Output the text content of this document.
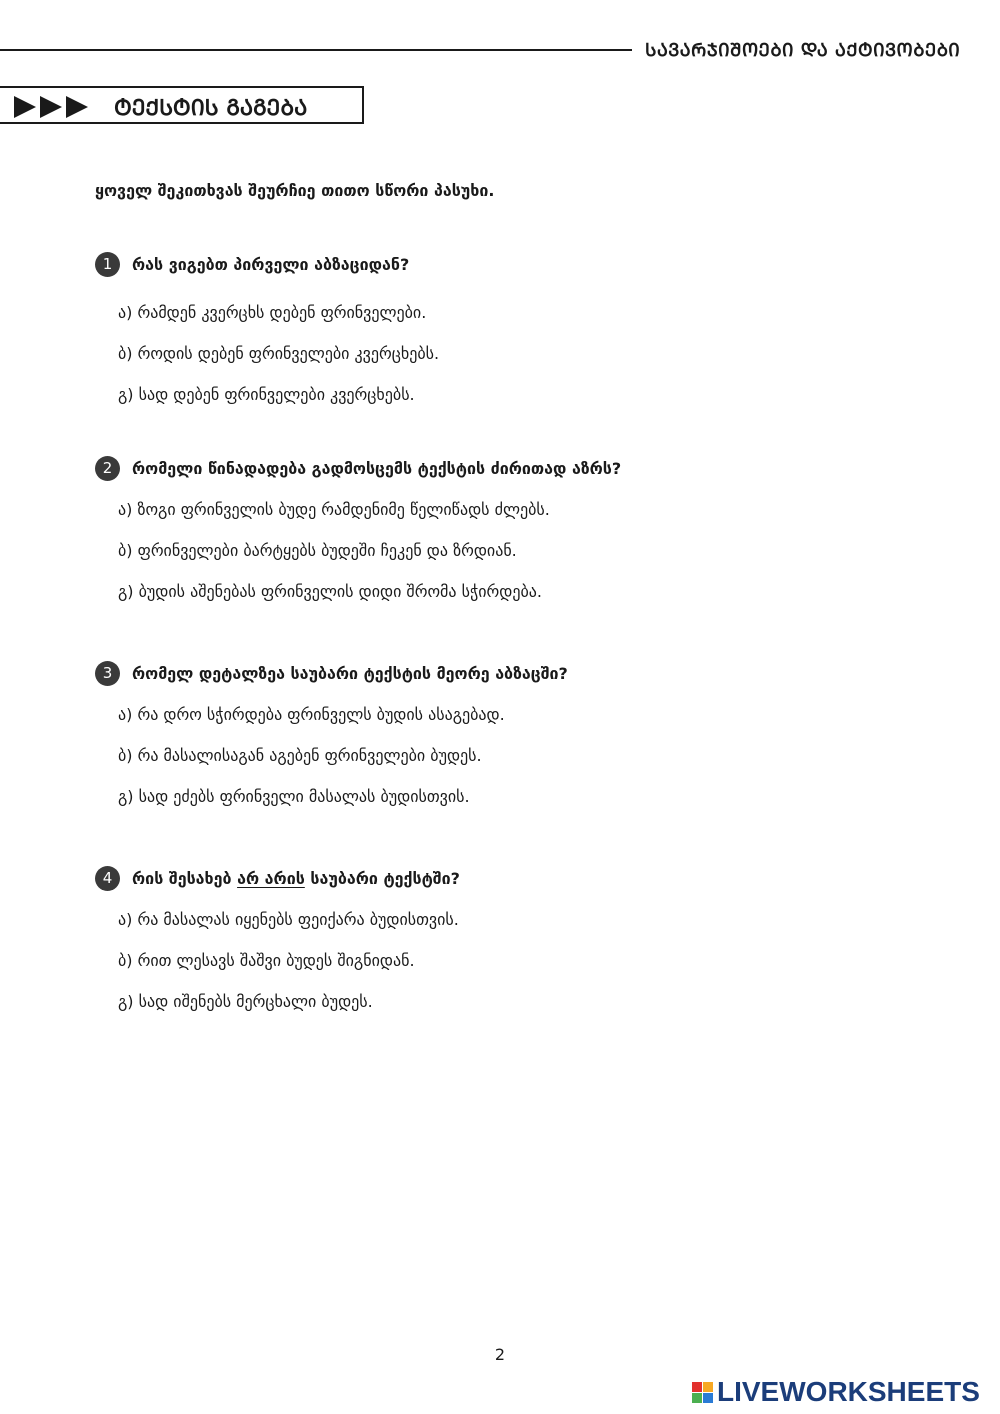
ᲡᲐᲕᲐᲠᲯᲘᲨᲝᲔᲑᲘ ᲓᲐ ᲐᲥᲢᲘᲕᲝᲑᲔᲑᲘ
ᲢᲔᲥᲡᲢᲘᲡ ᲒᲐᲒᲔᲑᲐ
ყოველ შეკითხვას შეურჩიე თითო სწორი პასუხი.
1	რას ვიგებთ პირველი აბზაციდან?
ა) რამდენ კვერცხს დებენ ფრინველები.
ბ) როდის დებენ ფრინველები კვერცხებს.
გ) სად დებენ ფრინველები კვერცხებს.
2	რომელი წინადადება გადმოსცემს ტექსტის ძირითად აზრს?
ა) ზოგი ფრინველის ბუდე რამდენიმე წელიწადს ძლებს.
ბ) ფრინველები ბარტყებს ბუდეში ჩეკენ და ზრდიან.
გ) ბუდის აშენებას ფრინველის დიდი შრომა სჭირდება.
3	რომელ დეტალზეა საუბარი ტექსტის მეორე აბზაცში?
ა) რა დრო სჭირდება ფრინველს ბუდის ასაგებად.
ბ) რა მასალისაგან აგებენ ფრინველები ბუდეს.
გ) სად ეძებს ფრინველი მასალას ბუდისთვის.
4	რის შესახებ არ არის საუბარი ტექსტში?
ა) რა მასალას იყენებს ფეიქარა ბუდისთვის.
ბ) რით ლესავს შაშვი ბუდეს შიგნიდან.
გ) სად იშენებს მერცხალი ბუდეს.
2
LIVEWORKSHEETS
